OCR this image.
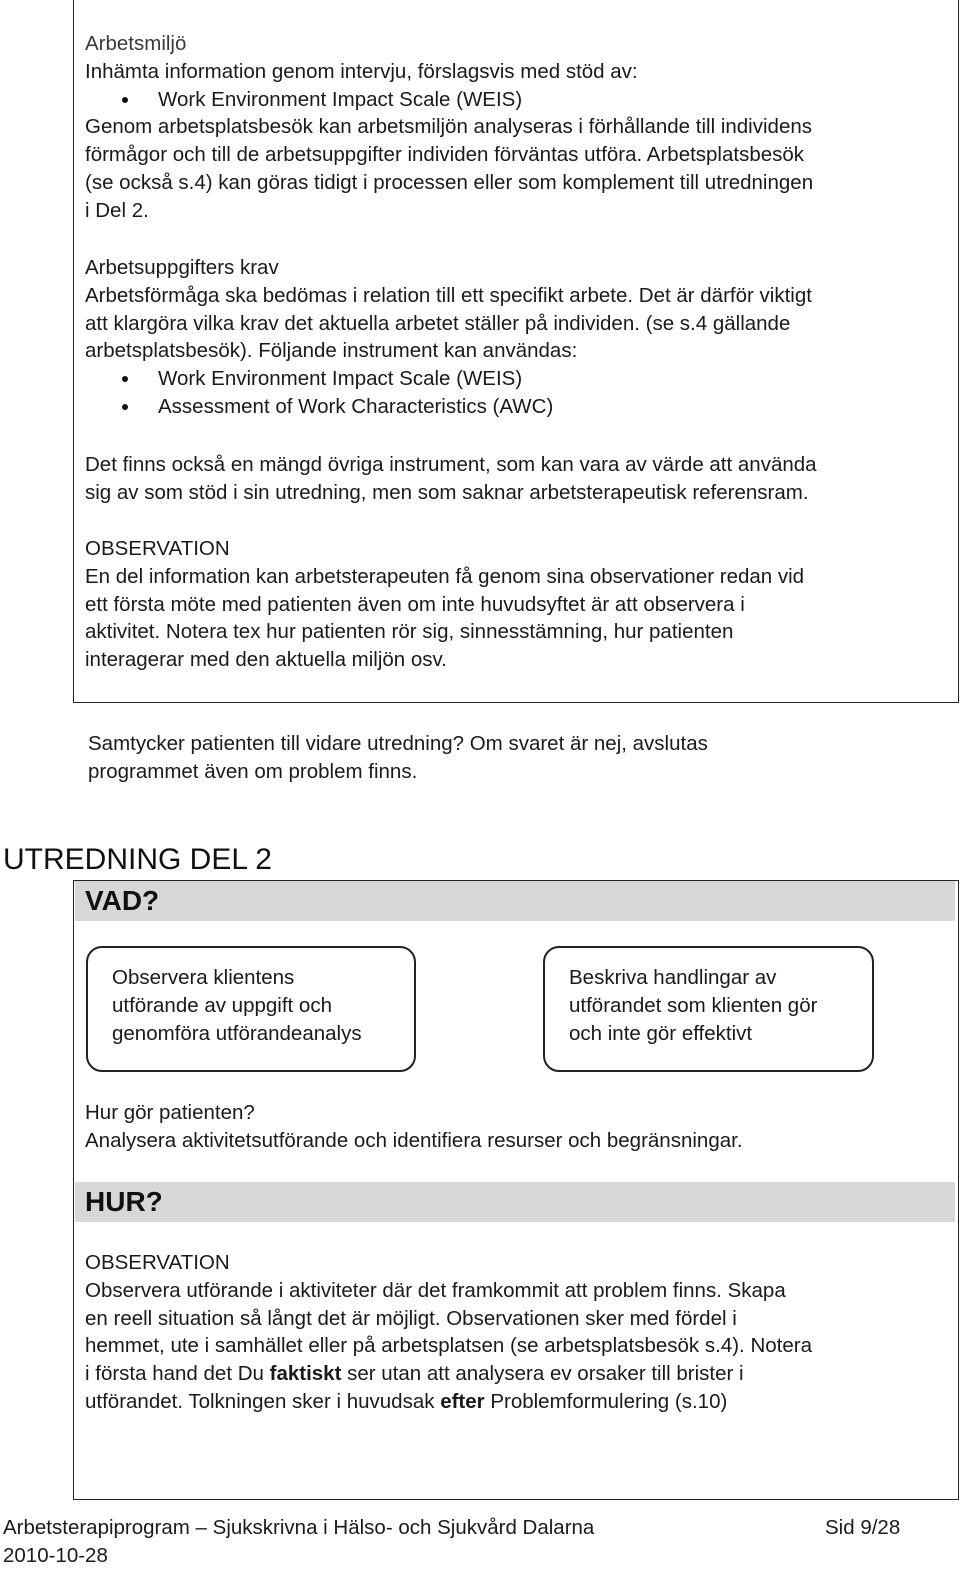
Arbetsmiljö
Inhämta information genom intervju, förslagsvis med stöd av:
Work Environment Impact Scale (WEIS)
Genom arbetsplatsbesök kan arbetsmiljön analyseras i förhållande till individens
förmågor och till de arbetsuppgifter individen förväntas utföra. Arbetsplatsbesök
(se också s.4) kan göras tidigt i processen eller som komplement till utredningen
i Del 2.
Arbetsuppgifters krav
Arbetsförmåga ska bedömas i relation till ett specifikt arbete. Det är därför viktigt
att klargöra vilka krav det aktuella arbetet ställer på individen. (se s.4 gällande
arbetsplatsbesök). Följande instrument kan användas:
Work Environment Impact Scale (WEIS)
Assessment of Work Characteristics (AWC)
Det finns också en mängd övriga instrument, som kan vara av värde att använda
sig av som stöd i sin utredning, men som saknar arbetsterapeutisk referensram.
OBSERVATION
En del information kan arbetsterapeuten få genom sina observationer redan vid
ett första möte med patienten även om inte huvudsyftet är att observera i
aktivitet. Notera tex hur patienten rör sig, sinnesstämning, hur patienten
interagerar med den aktuella miljön osv.
Samtycker patienten till vidare utredning? Om svaret är nej, avslutas
programmet även om problem finns.
UTREDNING DEL 2
VAD?
Observera klientens
utförande av uppgift och
genomföra utförandeanalys
Beskriva handlingar av
utförandet som klienten gör
och inte gör effektivt
Hur gör patienten?
Analysera aktivitetsutförande och identifiera resurser och begränsningar.
HUR?
OBSERVATION
Observera utförande i aktiviteter där det framkommit att problem finns. Skapa
en reell situation så långt det är möjligt. Observationen sker med fördel i
hemmet, ute i samhället eller på arbetsplatsen (se arbetsplatsbesök s.4). Notera
i första hand det Du faktiskt ser utan att analysera ev orsaker till brister i
utförandet. Tolkningen sker i huvudsak efter Problemformulering (s.10)
Arbetsterapiprogram – Sjukskrivna i Hälso- och Sjukvård Dalarna	Sid 9/28
2010-10-28
